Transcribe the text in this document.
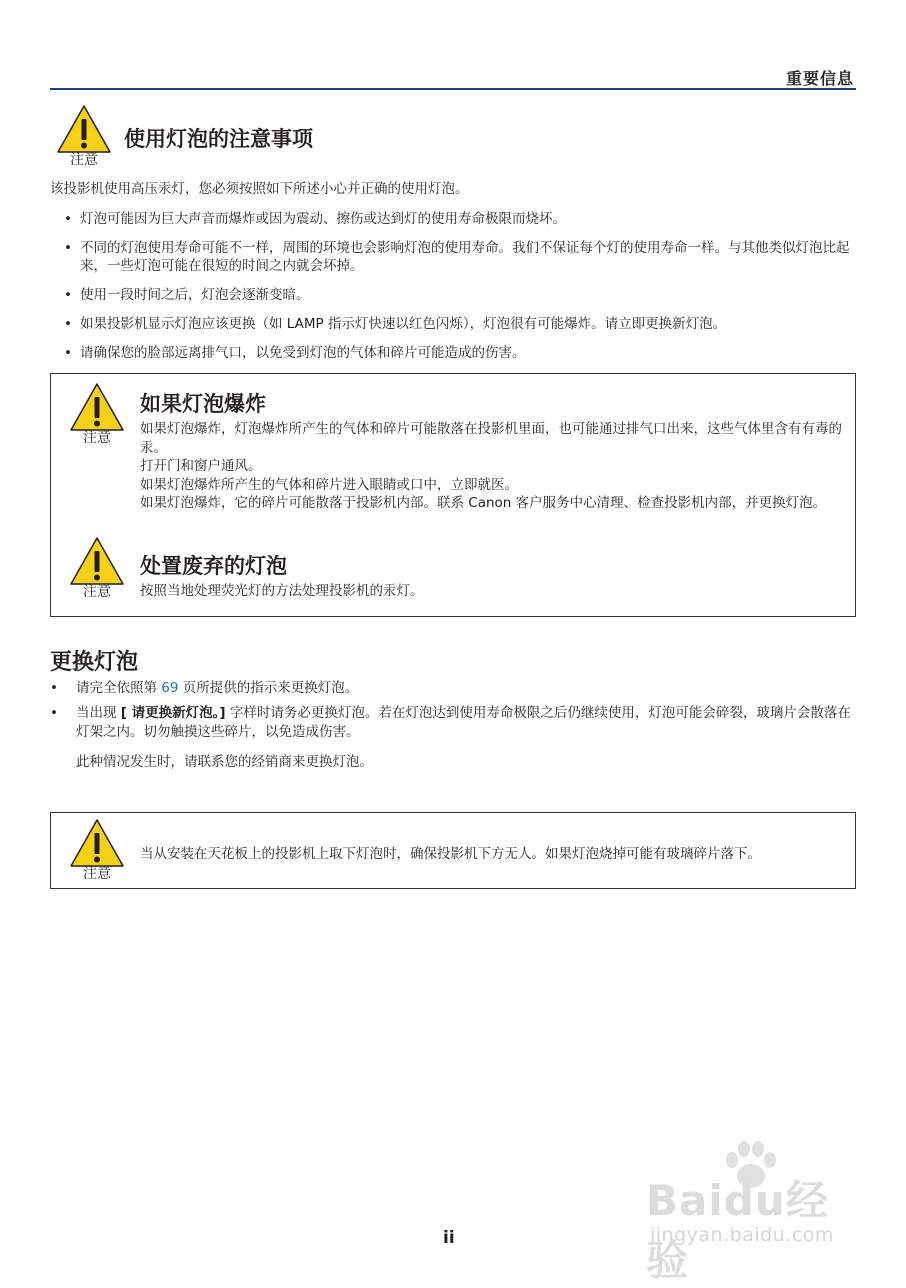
重要信息
注意
使用灯泡的注意事项
该投影机使用高压汞灯，您必须按照如下所述小心并正确的使用灯泡。
• 灯泡可能因为巨大声音而爆炸或因为震动、擦伤或达到灯的使用寿命极限而烧坏。
• 不同的灯泡使用寿命可能不一样，周围的环境也会影响灯泡的使用寿命。我们不保证每个灯的使用寿命一样。与其他类似灯泡比起来，一些灯泡可能在很短的时间之内就会坏掉。
• 使用一段时间之后，灯泡会逐渐变暗。
• 如果投影机显示灯泡应该更换（如 LAMP 指示灯快速以红色闪烁），灯泡很有可能爆炸。请立即更换新灯泡。
• 请确保您的脸部远离排气口，以免受到灯泡的气体和碎片可能造成的伤害。
注意
如果灯泡爆炸
如果灯泡爆炸，灯泡爆炸所产生的气体和碎片可能散落在投影机里面，也可能通过排气口出来，这些气体里含有有毒的汞。
打开门和窗户通风。
如果灯泡爆炸所产生的气体和碎片进入眼睛或口中，立即就医。
如果灯泡爆炸，它的碎片可能散落于投影机内部。联系 Canon 客户服务中心清理、检查投影机内部，并更换灯泡。
注意
处置废弃的灯泡
按照当地处理荧光灯的方法处理投影机的汞灯。
更换灯泡
• 请完全依照第 69 页所提供的指示来更换灯泡。
• 当出现 [ 请更换新灯泡。] 字样时请务必更换灯泡。若在灯泡达到使用寿命极限之后仍继续使用，灯泡可能会碎裂，玻璃片会散落在灯架之内。切勿触摸这些碎片，以免造成伤害。
此种情况发生时，请联系您的经销商来更换灯泡。
注意
当从安装在天花板上的投影机上取下灯泡时，确保投影机下方无人。如果灯泡烧掉可能有玻璃碎片落下。
Baidu经验
jingyan.baidu.com
ii
